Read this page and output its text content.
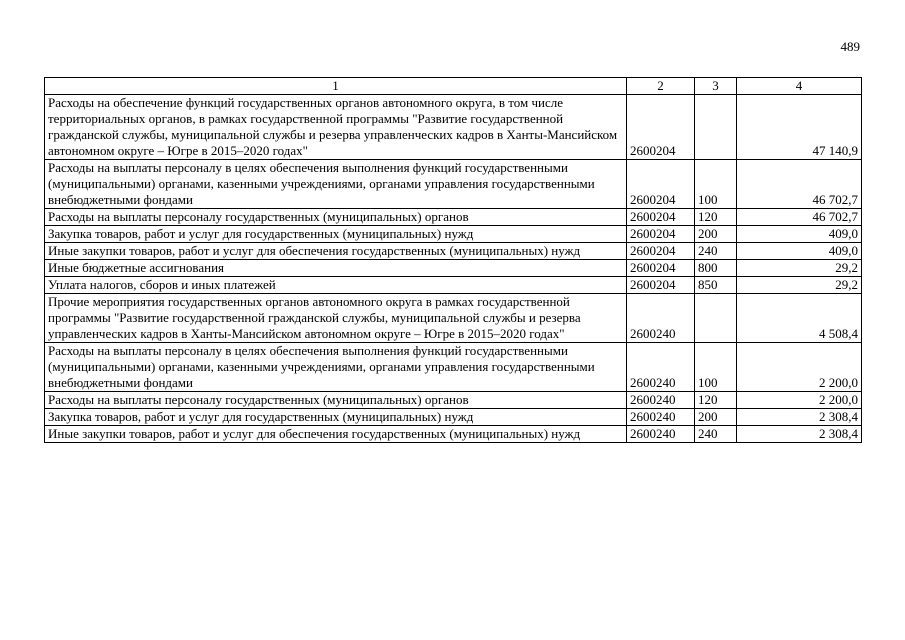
489
1	2	3	4
Расходы на обеспечение функций государственных органов автономного округа, в том числе территориальных органов, в рамках государственной программы "Развитие государственной гражданской службы, муниципальной службы и резерва управленческих кадров в Ханты-Мансийском автономном округе – Югре в 2015–2020 годах"	2600204		47 140,9
Расходы на выплаты персоналу в целях обеспечения выполнения функций государственными (муниципальными) органами, казенными учреждениями, органами управления государственными внебюджетными фондами	2600204	100	46 702,7
Расходы на выплаты персоналу государственных (муниципальных) органов	2600204	120	46 702,7
Закупка товаров, работ и услуг для государственных (муниципальных) нужд	2600204	200	409,0
Иные закупки товаров, работ и услуг для обеспечения государственных (муниципальных) нужд	2600204	240	409,0
Иные бюджетные ассигнования	2600204	800	29,2
Уплата налогов, сборов и иных платежей	2600204	850	29,2
Прочие мероприятия государственных органов автономного округа в рамках государственной программы "Развитие государственной гражданской службы, муниципальной службы и резерва управленческих кадров в Ханты-Мансийском автономном округе – Югре в 2015–2020 годах"	2600240		4 508,4
Расходы на выплаты персоналу в целях обеспечения выполнения функций государственными (муниципальными) органами, казенными учреждениями, органами управления государственными внебюджетными фондами	2600240	100	2 200,0
Расходы на выплаты персоналу государственных (муниципальных) органов	2600240	120	2 200,0
Закупка товаров, работ и услуг для государственных (муниципальных) нужд	2600240	200	2 308,4
Иные закупки товаров, работ и услуг для обеспечения государственных (муниципальных) нужд	2600240	240	2 308,4
